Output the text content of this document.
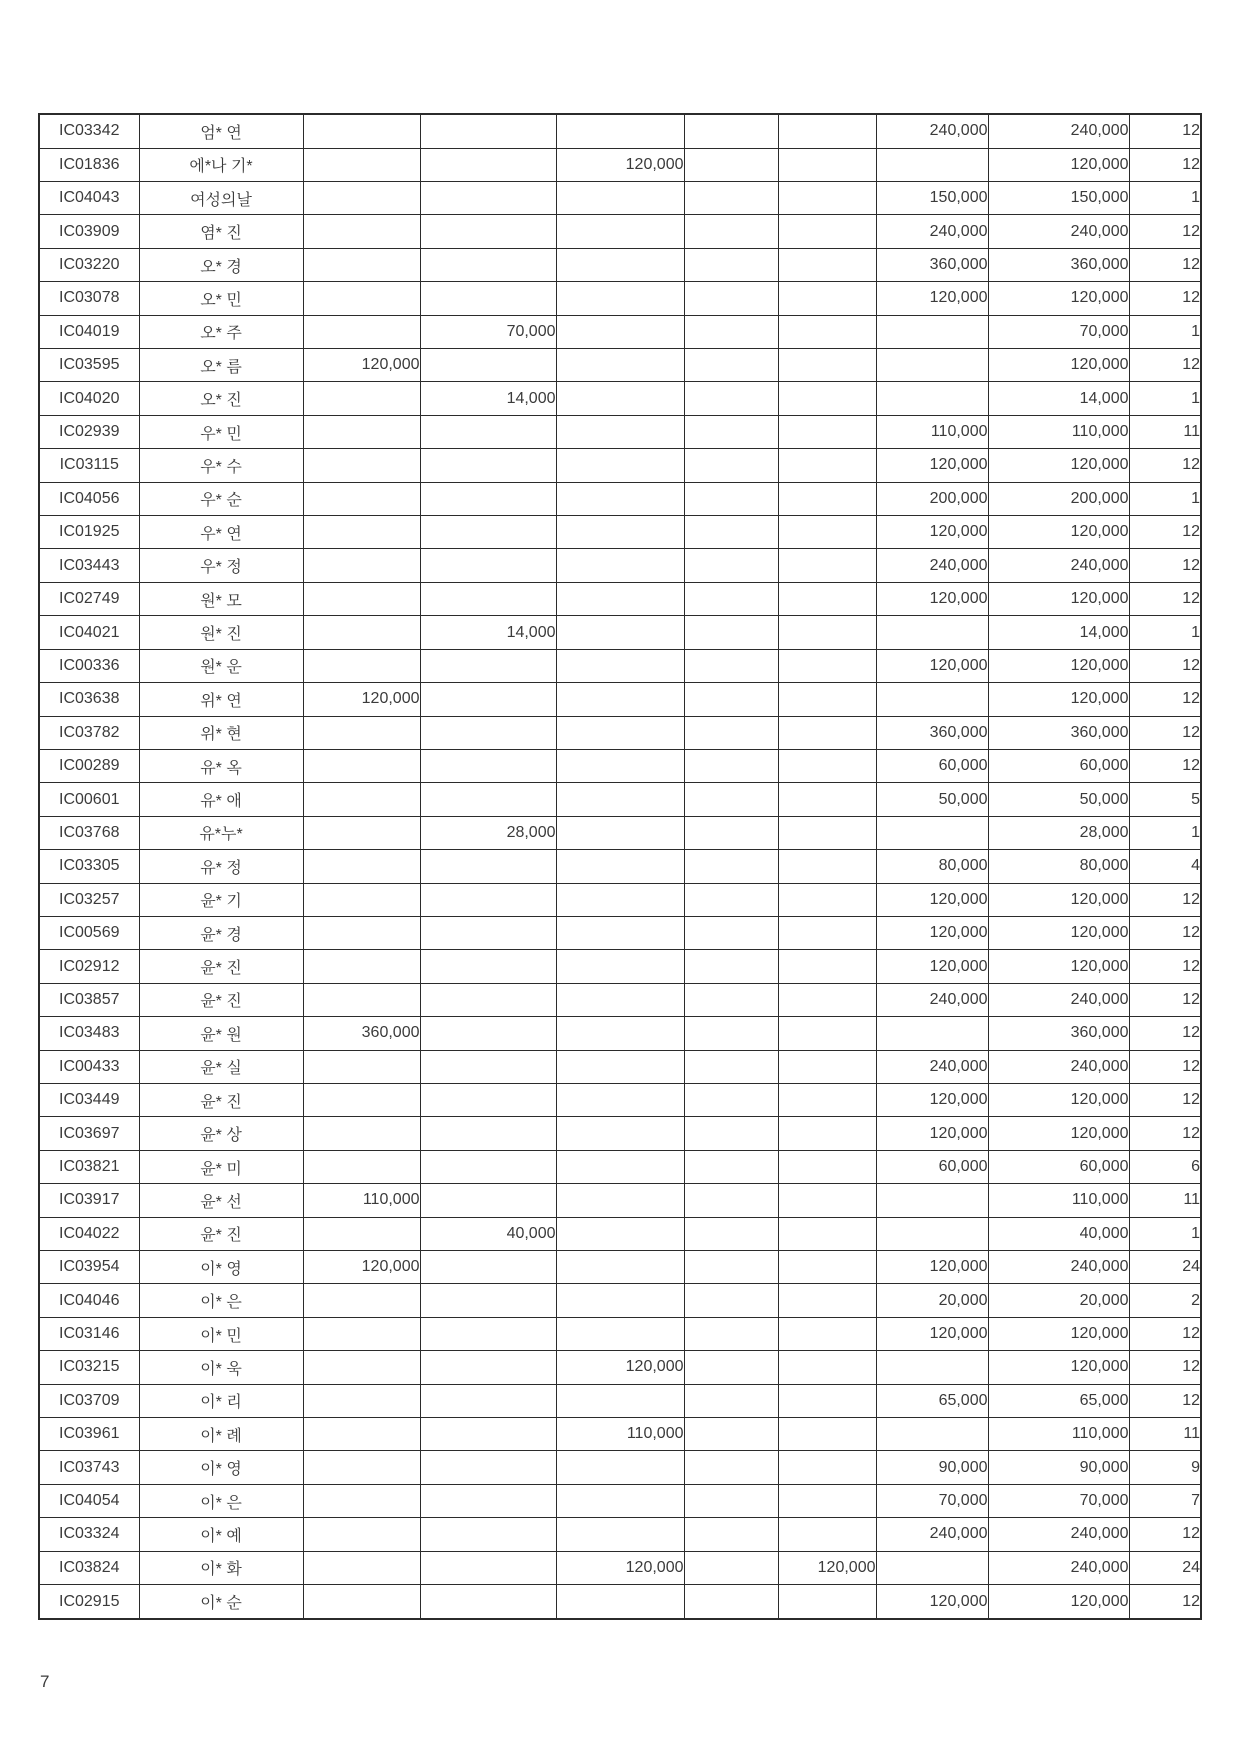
IC03342	엄* 연						240,000	240,000	12
IC01836	에*나 기*			120,000				120,000	12
IC04043	여성의날						150,000	150,000	1
IC03909	염* 진						240,000	240,000	12
IC03220	오* 경						360,000	360,000	12
IC03078	오* 민						120,000	120,000	12
IC04019	오* 주		70,000					70,000	1
IC03595	오* 름	120,000						120,000	12
IC04020	오* 진		14,000					14,000	1
IC02939	우* 민						110,000	110,000	11
IC03115	우* 수						120,000	120,000	12
IC04056	우* 순						200,000	200,000	1
IC01925	우* 연						120,000	120,000	12
IC03443	우* 정						240,000	240,000	12
IC02749	원* 모						120,000	120,000	12
IC04021	원* 진		14,000					14,000	1
IC00336	원* 운						120,000	120,000	12
IC03638	위* 연	120,000						120,000	12
IC03782	위* 현						360,000	360,000	12
IC00289	유* 옥						60,000	60,000	12
IC00601	유* 애						50,000	50,000	5
IC03768	유*누*		28,000					28,000	1
IC03305	유* 정						80,000	80,000	4
IC03257	윤* 기						120,000	120,000	12
IC00569	윤* 경						120,000	120,000	12
IC02912	윤* 진						120,000	120,000	12
IC03857	윤* 진						240,000	240,000	12
IC03483	윤* 원	360,000						360,000	12
IC00433	윤* 실						240,000	240,000	12
IC03449	윤* 진						120,000	120,000	12
IC03697	윤* 상						120,000	120,000	12
IC03821	윤* 미						60,000	60,000	6
IC03917	윤* 선	110,000						110,000	11
IC04022	윤* 진		40,000					40,000	1
IC03954	이* 영	120,000					120,000	240,000	24
IC04046	이* 은						20,000	20,000	2
IC03146	이* 민						120,000	120,000	12
IC03215	이* 욱			120,000				120,000	12
IC03709	이* 리						65,000	65,000	12
IC03961	이* 례			110,000				110,000	11
IC03743	이* 영						90,000	90,000	9
IC04054	이* 은						70,000	70,000	7
IC03324	이* 예						240,000	240,000	12
IC03824	이* 화			120,000		120,000		240,000	24
IC02915	이* 순						120,000	120,000	12
7
